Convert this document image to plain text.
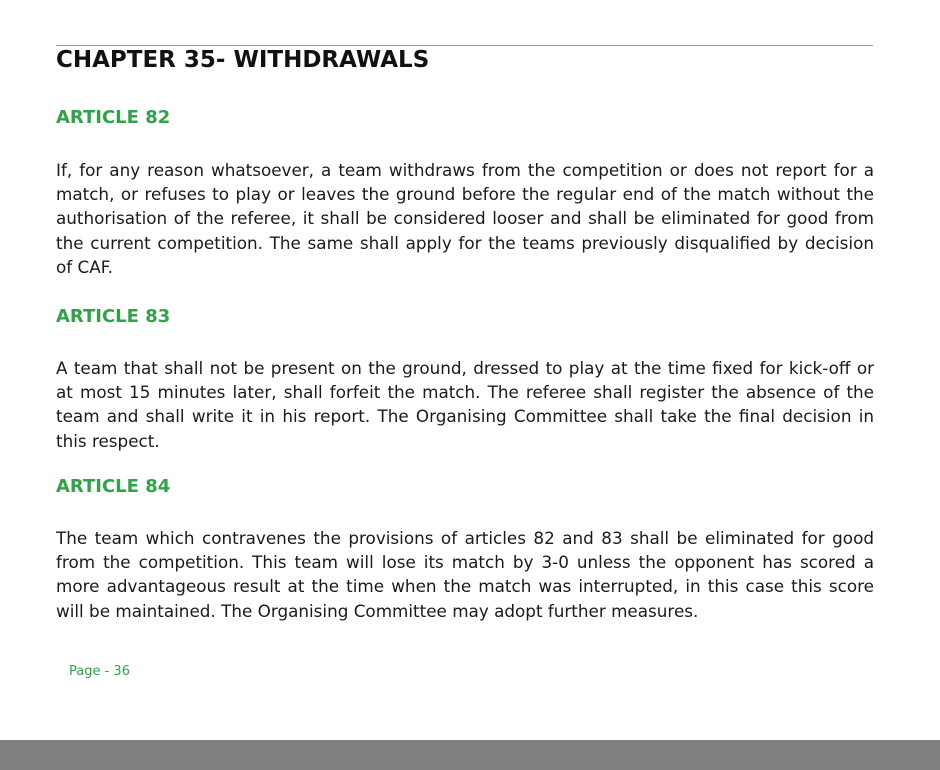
CHAPTER 35- WITHDRAWALS
ARTICLE 82

If, for any reason whatsoever, a team withdraws from the competition or does not report for a match, or refuses to play or leaves the ground before the regular end of the match without the authorisation of the referee, it shall be considered looser and shall be eliminated for good from the current competition. The same shall apply for the teams previously disqualified by decision of CAF.

ARTICLE 83

A team that shall not be present on the ground, dressed to play at the time fixed for kick-off or at most 15 minutes later, shall forfeit the match. The referee shall register the absence of the team and shall write it in his report. The Organising Committee shall take the final decision in this respect.

ARTICLE 84

The team which contravenes the provisions of articles 82 and 83 shall be eliminated for good from the competition. This team will lose its match by 3-0 unless the opponent has scored a more advantageous result at the time when the match was interrupted, in this case this score will be maintained. The Organising Committee may adopt further measures.

Page - 36
